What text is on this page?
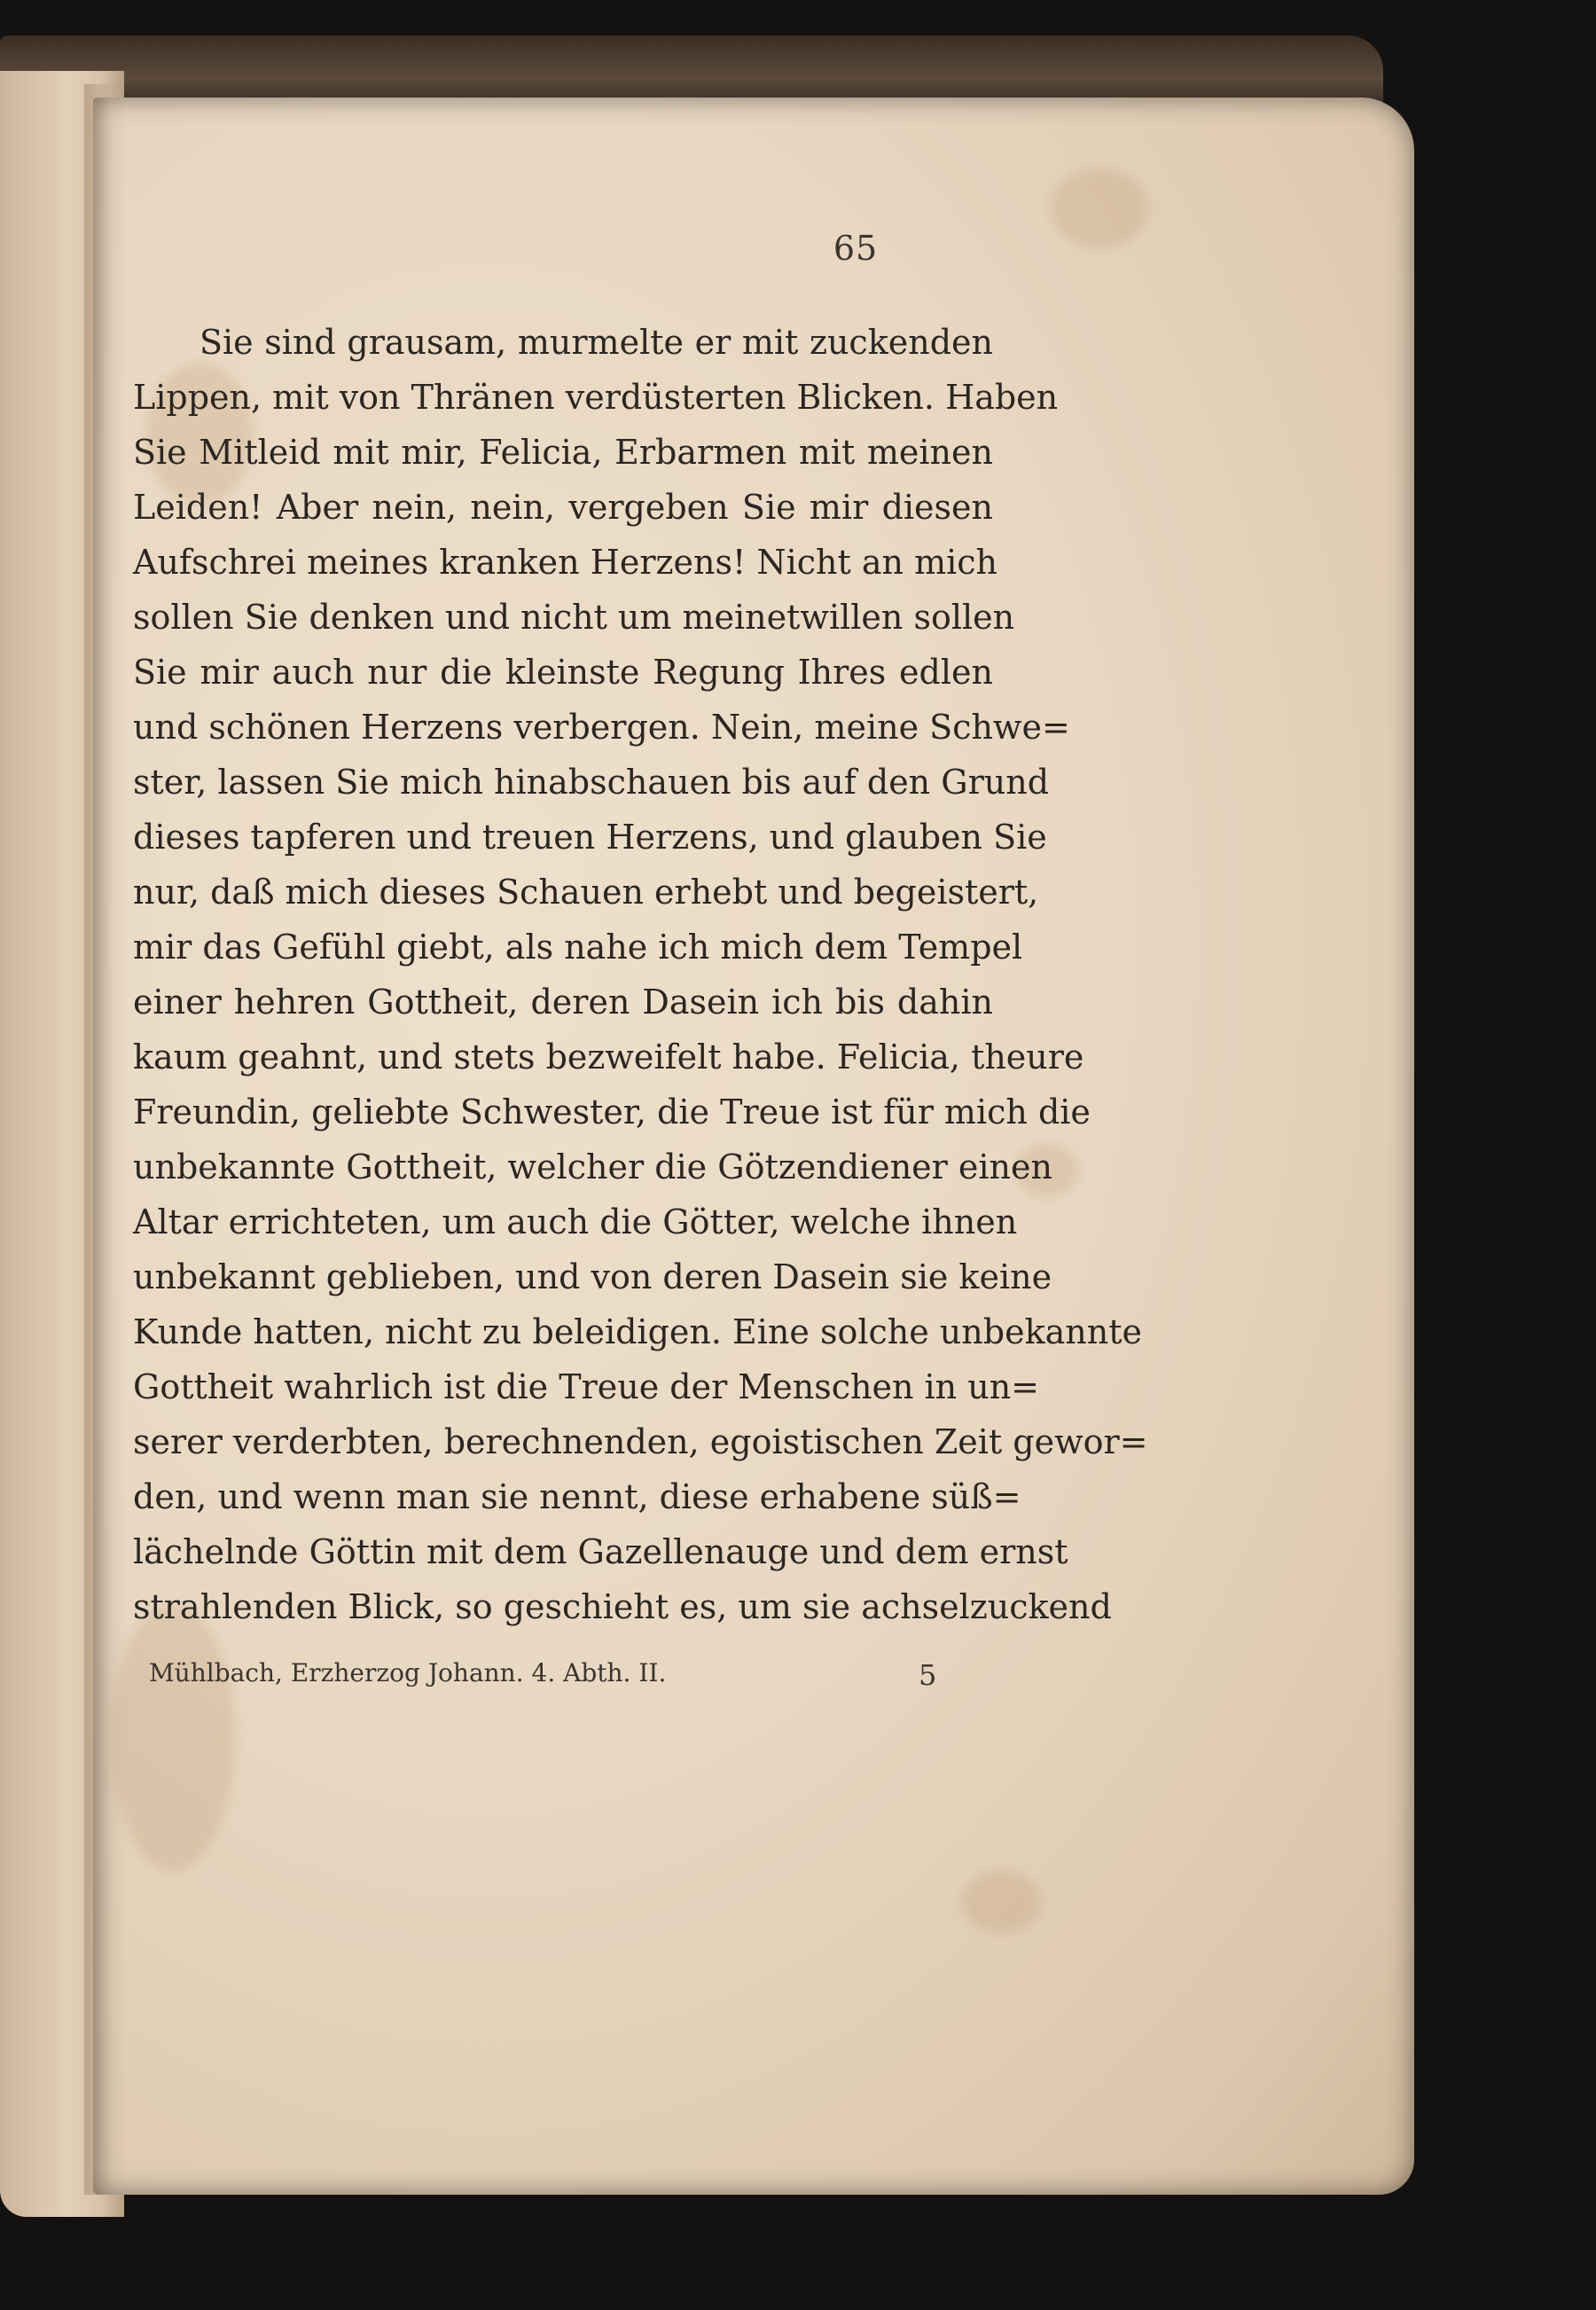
65
Sie sind grausam, murmelte er mit zuckenden
Lippen, mit von Thränen verdüsterten Blicken. Haben
Sie Mitleid mit mir, Felicia, Erbarmen mit meinen
Leiden! Aber nein, nein, vergeben Sie mir diesen
Aufschrei meines kranken Herzens! Nicht an mich
sollen Sie denken und nicht um meinetwillen sollen
Sie mir auch nur die kleinste Regung Ihres edlen
und schönen Herzens verbergen. Nein, meine Schwe=
ster, lassen Sie mich hinabschauen bis auf den Grund
dieses tapferen und treuen Herzens, und glauben Sie
nur, daß mich dieses Schauen erhebt und begeistert,
mir das Gefühl giebt, als nahe ich mich dem Tempel
einer hehren Gottheit, deren Dasein ich bis dahin
kaum geahnt, und stets bezweifelt habe. Felicia, theure
Freundin, geliebte Schwester, die Treue ist für mich die
unbekannte Gottheit, welcher die Götzendiener einen
Altar errichteten, um auch die Götter, welche ihnen
unbekannt geblieben, und von deren Dasein sie keine
Kunde hatten, nicht zu beleidigen. Eine solche unbekannte
Gottheit wahrlich ist die Treue der Menschen in un=
serer verderbten, berechnenden, egoistischen Zeit gewor=
den, und wenn man sie nennt, diese erhabene süß=
lächelnde Göttin mit dem Gazellenauge und dem ernst
strahlenden Blick, so geschieht es, um sie achselzuckend
Mühlbach, Erzherzog Johann. 4. Abth. II.	5
